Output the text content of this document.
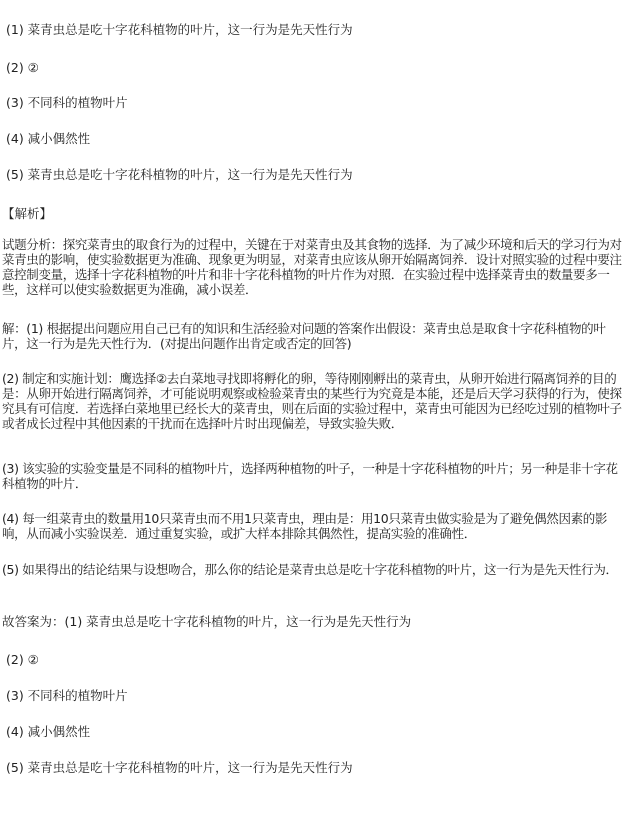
(1) 菜青虫总是吃十字花科植物的叶片，这一行为是先天性行为
(2) ②
(3) 不同科的植物叶片
(4) 减小偶然性
(5) 菜青虫总是吃十字花科植物的叶片，这一行为是先天性行为
【解析】
试题分析：探究菜青虫的取食行为的过程中，关键在于对菜青虫及其食物的选择．为了减少环境和后天的学习行为对菜青虫的影响，使实验数据更为准确、现象更为明显，对菜青虫应该从卵开始隔离饲养．设计对照实验的过程中要注意控制变量，选择十字花科植物的叶片和非十字花科植物的叶片作为对照．在实验过程中选择菜青虫的数量要多一些，这样可以使实验数据更为准确，减小误差．
解：(1) 根据提出问题应用自己已有的知识和生活经验对问题的答案作出假设：菜青虫总是取食十字花科植物的叶片，这一行为是先天性行为．(对提出问题作出肯定或否定的回答)
(2) 制定和实施计划：鹰选择②去白菜地寻找即将孵化的卵，等待刚刚孵出的菜青虫，从卵开始进行隔离饲养的目的是：从卵开始进行隔离饲养，才可能说明观察或检验菜青虫的某些行为究竟是本能，还是后天学习获得的行为，使探究具有可信度．若选择白菜地里已经长大的菜青虫，则在后面的实验过程中，菜青虫可能因为已经吃过别的植物叶子或者成长过程中其他因素的干扰而在选择叶片时出现偏差，导致实验失败．
(3) 该实验的实验变量是不同科的植物叶片，选择两种植物的叶子，一种是十字花科植物的叶片；另一种是非十字花科植物的叶片．
(4) 每一组菜青虫的数量用10只菜青虫而不用1只菜青虫，理由是：用10只菜青虫做实验是为了避免偶然因素的影响，从而减小实验误差．通过重复实验，或扩大样本排除其偶然性，提高实验的准确性．
(5) 如果得出的结论结果与设想吻合，那么你的结论是菜青虫总是吃十字花科植物的叶片，这一行为是先天性行为．
故答案为：(1) 菜青虫总是吃十字花科植物的叶片，这一行为是先天性行为
(2) ②
(3) 不同科的植物叶片
(4) 减小偶然性
(5) 菜青虫总是吃十字花科植物的叶片，这一行为是先天性行为
